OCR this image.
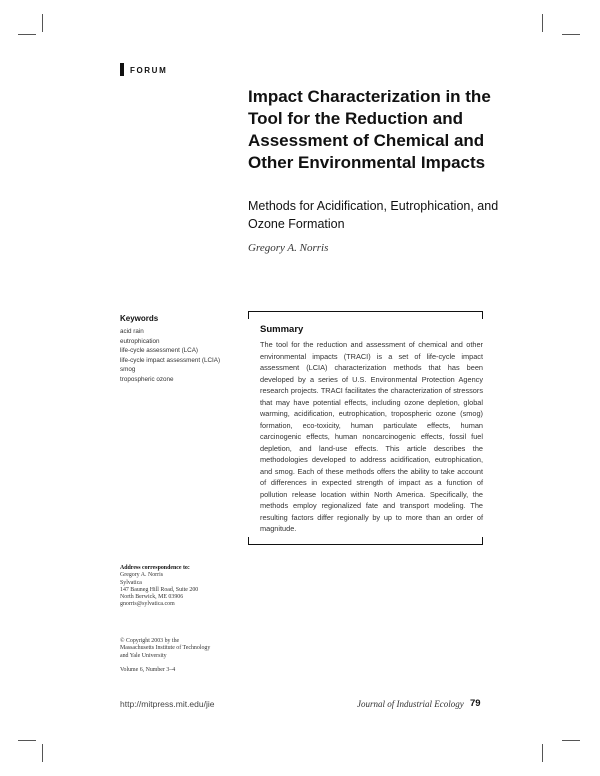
FORUM
Impact Characterization in the Tool for the Reduction and Assessment of Chemical and Other Environmental Impacts
Methods for Acidification, Eutrophication, and Ozone Formation
Gregory A. Norris
Keywords
acid rain
eutrophication
life-cycle assessment (LCA)
life-cycle impact assessment (LCIA)
smog
tropospheric ozone
Summary

The tool for the reduction and assessment of chemical and other environmental impacts (TRACI) is a set of life-cycle impact assessment (LCIA) characterization methods that has been developed by a series of U.S. Environmental Protection Agency research projects. TRACI facilitates the characterization of stressors that may have potential effects, including ozone depletion, global warming, acidification, eutrophication, tropospheric ozone (smog) formation, eco-toxicity, human particulate effects, human carcinogenic effects, human noncarcinogenic effects, fossil fuel depletion, and land-use effects. This article describes the methodologies developed to address acidification, eutrophication, and smog. Each of these methods offers the ability to take account of differences in expected strength of impact as a function of pollution release location within North America. Specifically, the methods employ regionalized fate and transport modeling. The resulting factors differ regionally by up to more than an order of magnitude.

Address correspondence to:
Gregory A. Norris
Sylvatica
147 Bauneg Hill Road, Suite 200
North Berwick, ME 03906
gnorris@sylvatica.com
© Copyright 2003 by the
Massachusetts Institute of Technology
and Yale University
Volume 6, Number 3–4
http://mitpress.mit.edu/jie	Journal of Industrial Ecology 79
